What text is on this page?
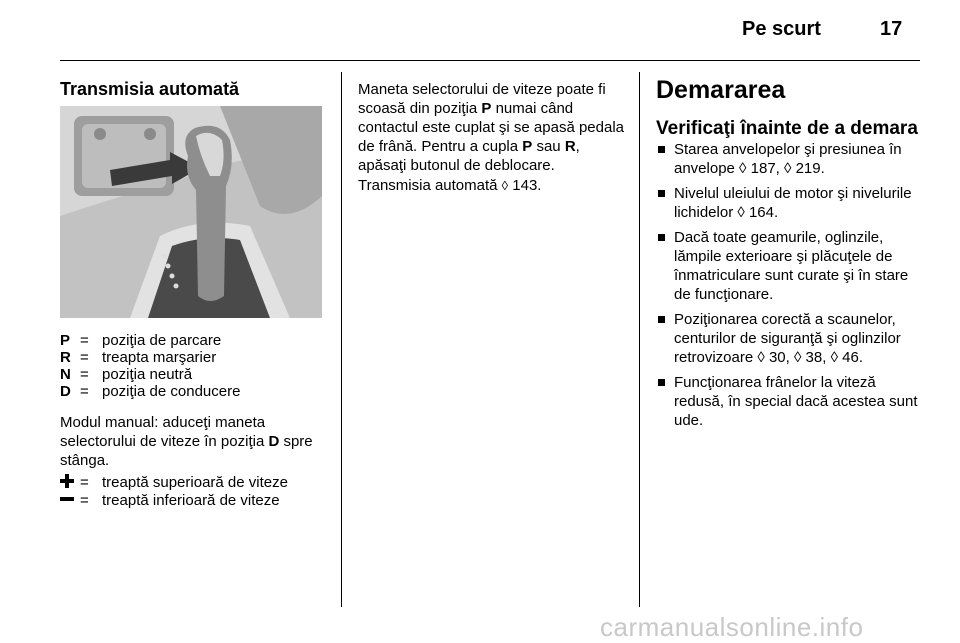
Pe scurt	17
Transmisia automată
P = poziţia de parcare
R = treapta marşarier
N = poziţia neutră
D = poziţia de conducere

Modul manual: aduceţi maneta selectorului de viteze în poziţia D spre stânga.

= treaptă superioară de viteze
= treaptă inferioară de viteze

Maneta selectorului de viteze poate fi scoasă din poziţia P numai când contactul este cuplat şi se apasă pedala de frână. Pentru a cupla P sau R, apăsaţi butonul de deblocare.

Transmisia automată ◊ 143.

Demararea
Verificaţi înainte de a demara
Starea anvelopelor şi presiunea în anvelope ◊ 187, ◊ 219.
Nivelul uleiului de motor şi nivelurile lichidelor ◊ 164.
Dacă toate geamurile, oglinzile, lămpile exterioare şi plăcuţele de înmatriculare sunt curate şi în stare de funcţionare.
Poziţionarea corectă a scaunelor, centurilor de siguranţă şi oglinzilor retrovizoare ◊ 30, ◊ 38, ◊ 46.
Funcţionarea frânelor la viteză redusă, în special dacă acestea sunt ude.
carmanualsonline.info
